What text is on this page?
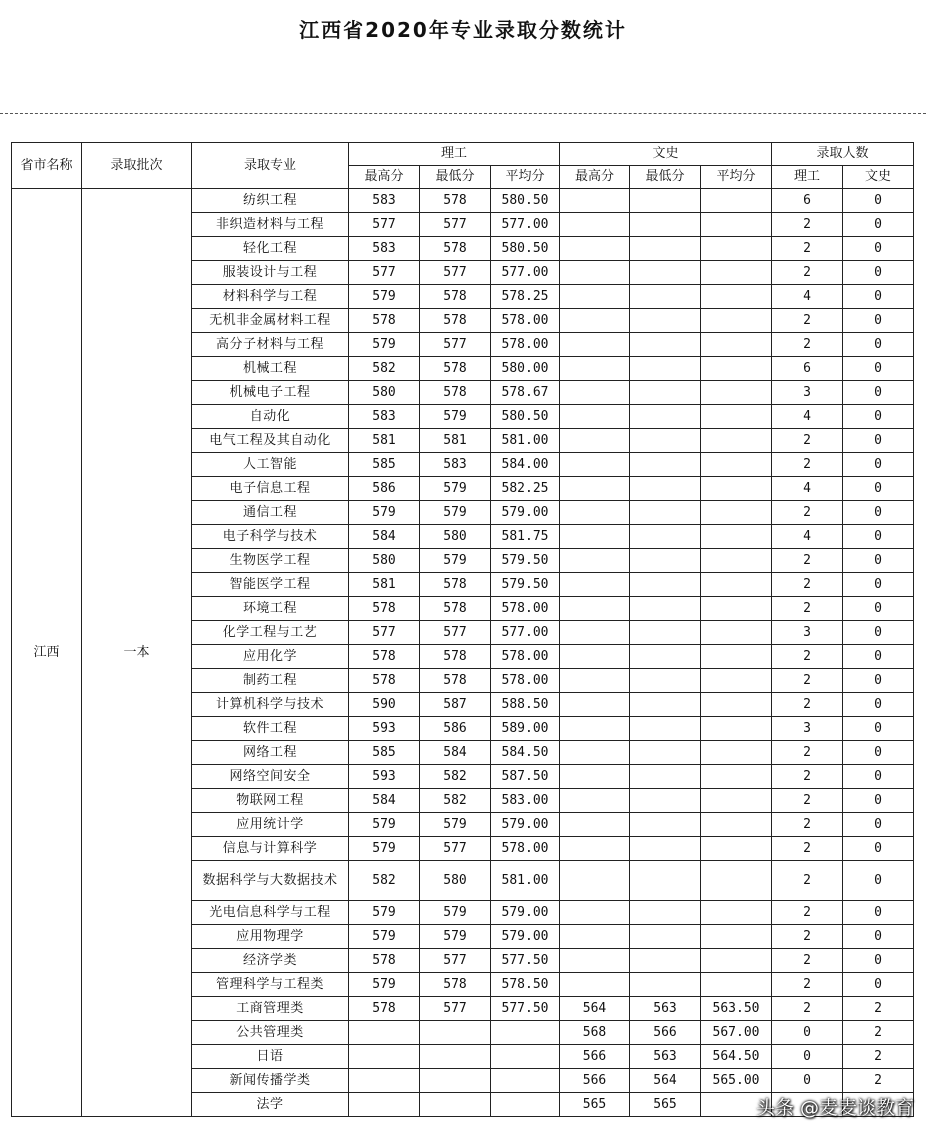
江西省2020年专业录取分数统计
省市名称	录取批次	录取专业	理工			文史			录取人数	
			最高分	最低分	平均分	最高分	最低分	平均分	理工	文史
江西	一本	纺织工程	583	578	580.50				6	0
		非织造材料与工程	577	577	577.00				2	0
		轻化工程	583	578	580.50				2	0
		服装设计与工程	577	577	577.00				2	0
		材料科学与工程	579	578	578.25				4	0
		无机非金属材料工程	578	578	578.00				2	0
		高分子材料与工程	579	577	578.00				2	0
		机械工程	582	578	580.00				6	0
		机械电子工程	580	578	578.67				3	0
		自动化	583	579	580.50				4	0
		电气工程及其自动化	581	581	581.00				2	0
		人工智能	585	583	584.00				2	0
		电子信息工程	586	579	582.25				4	0
		通信工程	579	579	579.00				2	0
		电子科学与技术	584	580	581.75				4	0
		生物医学工程	580	579	579.50				2	0
		智能医学工程	581	578	579.50				2	0
		环境工程	578	578	578.00				2	0
		化学工程与工艺	577	577	577.00				3	0
		应用化学	578	578	578.00				2	0
		制药工程	578	578	578.00				2	0
		计算机科学与技术	590	587	588.50				2	0
		软件工程	593	586	589.00				3	0
		网络工程	585	584	584.50				2	0
		网络空间安全	593	582	587.50				2	0
		物联网工程	584	582	583.00				2	0
		应用统计学	579	579	579.00				2	0
		信息与计算科学	579	577	578.00				2	0
		数据科学与大数据技术	582	580	581.00				2	0
		光电信息科学与工程	579	579	579.00				2	0
		应用物理学	579	579	579.00				2	0
		经济学类	578	577	577.50				2	0
		管理科学与工程类	579	578	578.50				2	0
		工商管理类	578	577	577.50	564	563	563.50	2	2
		公共管理类				568	566	567.00	0	2
		日语				566	563	564.50	0	2
		新闻传播学类				566	564	565.00	0	2
		法学				565	565				头条 @麦麦谈教育
